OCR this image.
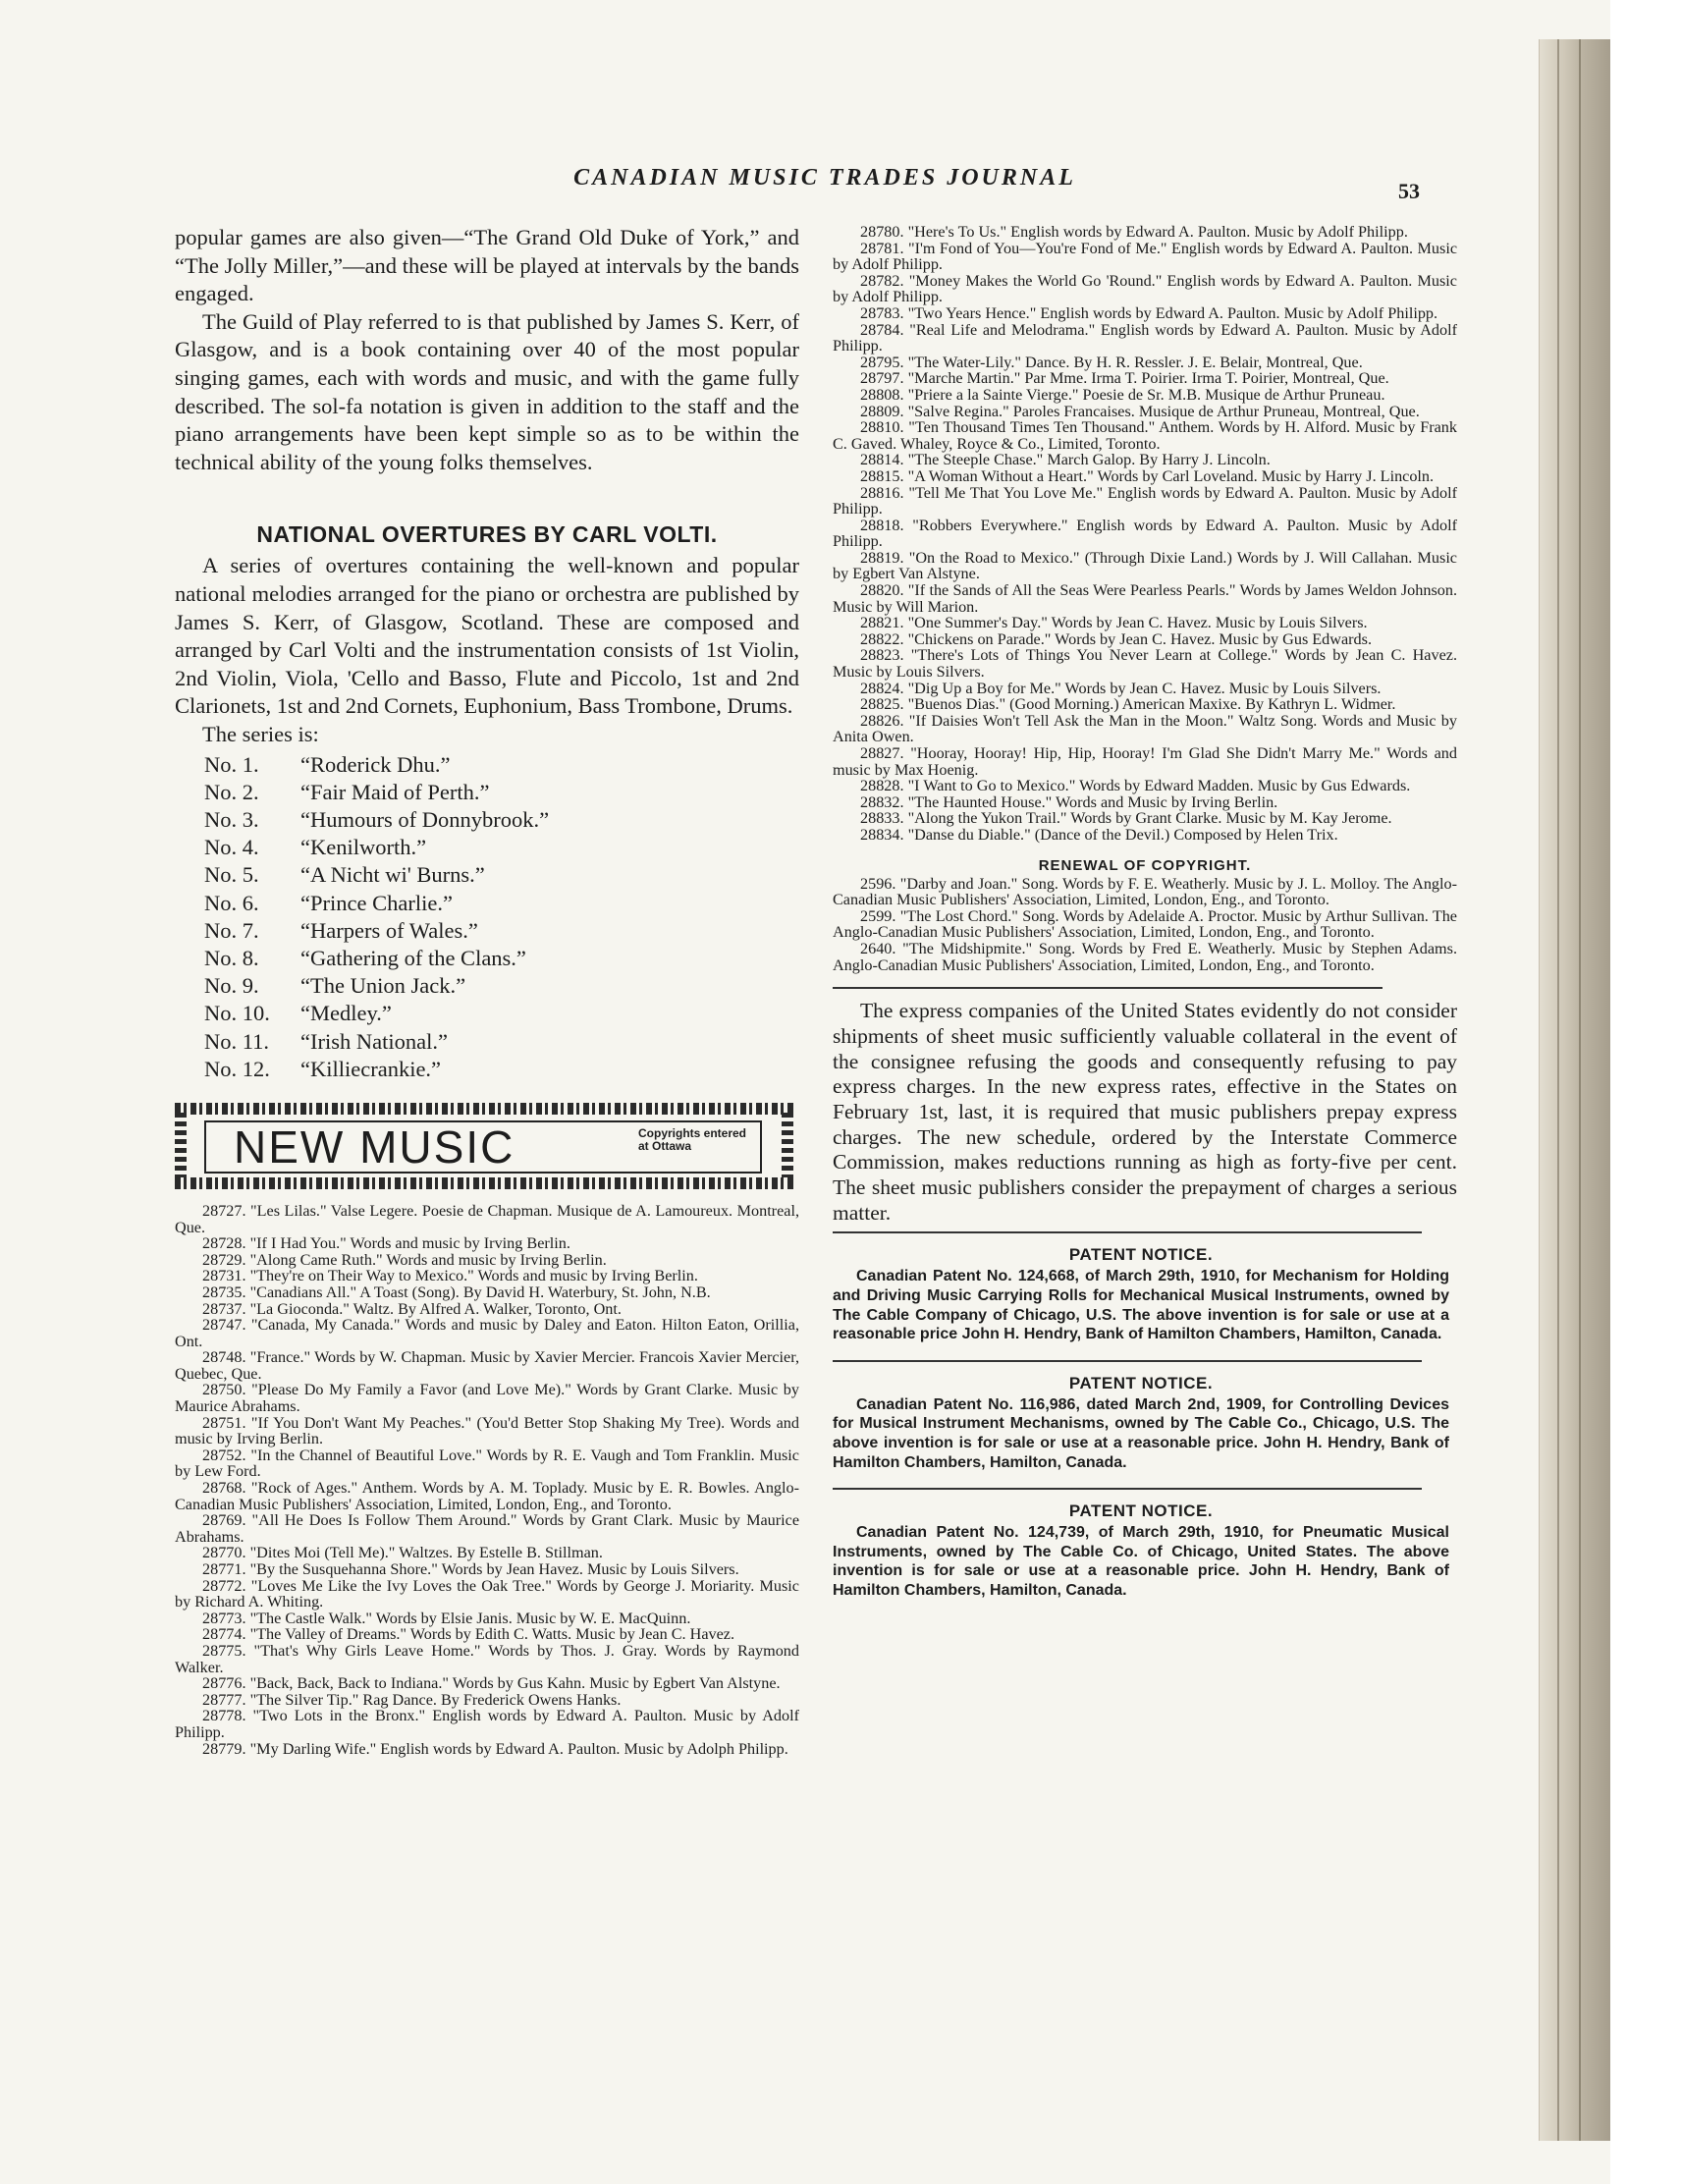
CANADIAN MUSIC TRADES JOURNAL
53

popular games are also given—“The Grand Old Duke of York,” and “The Jolly Miller,”—and these will be played at intervals by the bands engaged.

The Guild of Play referred to is that published by James S. Kerr, of Glasgow, and is a book containing over 40 of the most popular singing games, each with words and music, and with the game fully described. The sol-fa notation is given in addition to the staff and the piano arrangements have been kept simple so as to be within the technical ability of the young folks themselves.

NATIONAL OVERTURES BY CARL VOLTI.

A series of overtures containing the well-known and popular national melodies arranged for the piano or orchestra are published by James S. Kerr, of Glasgow, Scotland. These are composed and arranged by Carl Volti and the instrumentation consists of 1st Violin, 2nd Violin, Viola, 'Cello and Basso, Flute and Piccolo, 1st and 2nd Clarionets, 1st and 2nd Cornets, Euphonium, Bass Trombone, Drums.

The series is:

No. 1.	“Roderick Dhu.”
No. 2.	“Fair Maid of Perth.”
No. 3.	“Humours of Donnybrook.”
No. 4.	“Kenilworth.”
No. 5.	“A Nicht wi' Burns.”
No. 6.	“Prince Charlie.”
No. 7.	“Harpers of Wales.”
No. 8.	“Gathering of the Clans.”
No. 9.	“The Union Jack.”
No. 10.	“Medley.”
No. 11.	“Irish National.”
No. 12.	“Killiecrankie.”
NEW MUSIC	Copyrights entered at Ottawa

28727. "Les Lilas." Valse Legere. Poesie de Chapman. Musique de A. Lamoureux. Montreal, Que.

28728. "If I Had You." Words and music by Irving Berlin.

28729. "Along Came Ruth." Words and music by Irving Berlin.

28731. "They're on Their Way to Mexico." Words and music by Irving Berlin.

28735. "Canadians All." A Toast (Song). By David H. Waterbury, St. John, N.B.

28737. "La Gioconda." Waltz. By Alfred A. Walker, Toronto, Ont.

28747. "Canada, My Canada." Words and music by Daley and Eaton. Hilton Eaton, Orillia, Ont.

28748. "France." Words by W. Chapman. Music by Xavier Mercier. Francois Xavier Mercier, Quebec, Que.

28750. "Please Do My Family a Favor (and Love Me)." Words by Grant Clarke. Music by Maurice Abrahams.

28751. "If You Don't Want My Peaches." (You'd Better Stop Shaking My Tree). Words and music by Irving Berlin.

28752. "In the Channel of Beautiful Love." Words by R. E. Vaugh and Tom Franklin. Music by Lew Ford.

28768. "Rock of Ages." Anthem. Words by A. M. Toplady. Music by E. R. Bowles. Anglo-Canadian Music Publishers' Association, Limited, London, Eng., and Toronto.

28769. "All He Does Is Follow Them Around." Words by Grant Clark. Music by Maurice Abrahams.

28770. "Dites Moi (Tell Me)." Waltzes. By Estelle B. Stillman.

28771. "By the Susquehanna Shore." Words by Jean Havez. Music by Louis Silvers.

28772. "Loves Me Like the Ivy Loves the Oak Tree." Words by George J. Moriarity. Music by Richard A. Whiting.

28773. "The Castle Walk." Words by Elsie Janis. Music by W. E. MacQuinn.

28774. "The Valley of Dreams." Words by Edith C. Watts. Music by Jean C. Havez.

28775. "That's Why Girls Leave Home." Words by Thos. J. Gray. Words by Raymond Walker.

28776. "Back, Back, Back to Indiana." Words by Gus Kahn. Music by Egbert Van Alstyne.

28777. "The Silver Tip." Rag Dance. By Frederick Owens Hanks.

28778. "Two Lots in the Bronx." English words by Edward A. Paulton. Music by Adolf Philipp.

28779. "My Darling Wife." English words by Edward A. Paulton. Music by Adolph Philipp.

28780. "Here's To Us." English words by Edward A. Paulton. Music by Adolf Philipp.

28781. "I'm Fond of You—You're Fond of Me." English words by Edward A. Paulton. Music by Adolf Philipp.

28782. "Money Makes the World Go 'Round." English words by Edward A. Paulton. Music by Adolf Philipp.

28783. "Two Years Hence." English words by Edward A. Paulton. Music by Adolf Philipp.

28784. "Real Life and Melodrama." English words by Edward A. Paulton. Music by Adolf Philipp.

28795. "The Water-Lily." Dance. By H. R. Ressler. J. E. Belair, Montreal, Que.

28797. "Marche Martin." Par Mme. Irma T. Poirier. Irma T. Poirier, Montreal, Que.

28808. "Priere a la Sainte Vierge." Poesie de Sr. M.B. Musique de Arthur Pruneau.

28809. "Salve Regina." Paroles Francaises. Musique de Arthur Pruneau, Montreal, Que.

28810. "Ten Thousand Times Ten Thousand." Anthem. Words by H. Alford. Music by Frank C. Gaved. Whaley, Royce & Co., Limited, Toronto.

28814. "The Steeple Chase." March Galop. By Harry J. Lincoln.

28815. "A Woman Without a Heart." Words by Carl Loveland. Music by Harry J. Lincoln.

28816. "Tell Me That You Love Me." English words by Edward A. Paulton. Music by Adolf Philipp.

28818. "Robbers Everywhere." English words by Edward A. Paulton. Music by Adolf Philipp.

28819. "On the Road to Mexico." (Through Dixie Land.) Words by J. Will Callahan. Music by Egbert Van Alstyne.

28820. "If the Sands of All the Seas Were Pearless Pearls." Words by James Weldon Johnson. Music by Will Marion.

28821. "One Summer's Day." Words by Jean C. Havez. Music by Louis Silvers.

28822. "Chickens on Parade." Words by Jean C. Havez. Music by Gus Edwards.

28823. "There's Lots of Things You Never Learn at College." Words by Jean C. Havez. Music by Louis Silvers.

28824. "Dig Up a Boy for Me." Words by Jean C. Havez. Music by Louis Silvers.

28825. "Buenos Dias." (Good Morning.) American Maxixe. By Kathryn L. Widmer.

28826. "If Daisies Won't Tell Ask the Man in the Moon." Waltz Song. Words and Music by Anita Owen.

28827. "Hooray, Hooray! Hip, Hip, Hooray! I'm Glad She Didn't Marry Me." Words and music by Max Hoenig.

28828. "I Want to Go to Mexico." Words by Edward Madden. Music by Gus Edwards.

28832. "The Haunted House." Words and Music by Irving Berlin.

28833. "Along the Yukon Trail." Words by Grant Clarke. Music by M. Kay Jerome.

28834. "Danse du Diable." (Dance of the Devil.) Composed by Helen Trix.

RENEWAL OF COPYRIGHT.

2596. "Darby and Joan." Song. Words by F. E. Weatherly. Music by J. L. Molloy. The Anglo-Canadian Music Publishers' Association, Limited, London, Eng., and Toronto.

2599. "The Lost Chord." Song. Words by Adelaide A. Proctor. Music by Arthur Sullivan. The Anglo-Canadian Music Publishers' Association, Limited, London, Eng., and Toronto.

2640. "The Midshipmite." Song. Words by Fred E. Weatherly. Music by Stephen Adams. Anglo-Canadian Music Publishers' Association, Limited, London, Eng., and Toronto.

The express companies of the United States evidently do not consider shipments of sheet music sufficiently valuable collateral in the event of the consignee refusing the goods and consequently refusing to pay express charges. In the new express rates, effective in the States on February 1st, last, it is required that music publishers prepay express charges. The new schedule, ordered by the Interstate Commerce Commission, makes reductions running as high as forty-five per cent. The sheet music publishers consider the prepayment of charges a serious matter.

PATENT NOTICE.

Canadian Patent No. 124,668, of March 29th, 1910, for Mechanism for Holding and Driving Music Carrying Rolls for Mechanical Musical Instruments, owned by The Cable Company of Chicago, U.S. The above invention is for sale or use at a reasonable price John H. Hendry, Bank of Hamilton Chambers, Hamilton, Canada.

PATENT NOTICE.

Canadian Patent No. 116,986, dated March 2nd, 1909, for Controlling Devices for Musical Instrument Mechanisms, owned by The Cable Co., Chicago, U.S. The above invention is for sale or use at a reasonable price. John H. Hendry, Bank of Hamilton Chambers, Hamilton, Canada.

PATENT NOTICE.

Canadian Patent No. 124,739, of March 29th, 1910, for Pneumatic Musical Instruments, owned by The Cable Co. of Chicago, United States. The above invention is for sale or use at a reasonable price. John H. Hendry, Bank of Hamilton Chambers, Hamilton, Canada.
